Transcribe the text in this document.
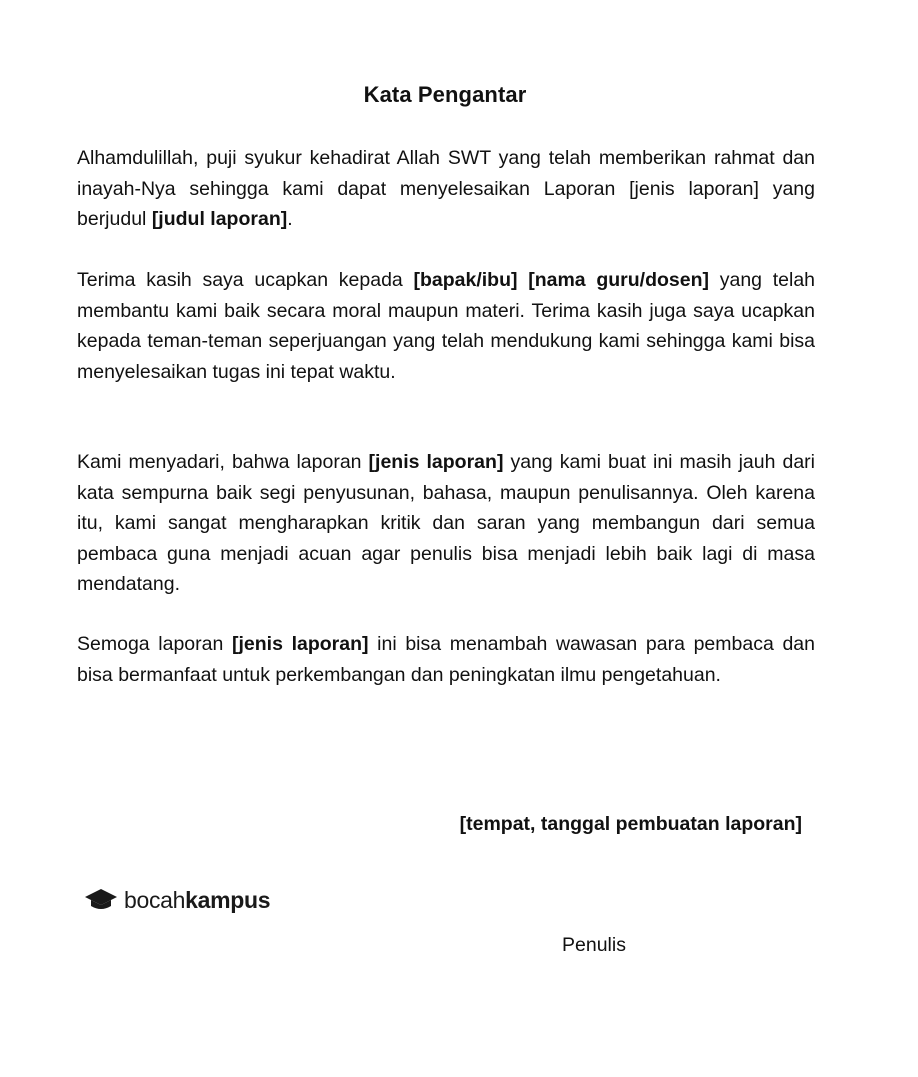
Kata Pengantar

Alhamdulillah, puji syukur kehadirat Allah SWT yang telah memberikan rahmat dan inayah-Nya sehingga kami dapat menyelesaikan Laporan [jenis laporan] yang berjudul [judul laporan].

Terima kasih saya ucapkan kepada [bapak/ibu] [nama guru/dosen] yang telah membantu kami baik secara moral maupun materi. Terima kasih juga saya ucapkan kepada teman-teman seperjuangan yang telah mendukung kami sehingga kami bisa menyelesaikan tugas ini tepat waktu.

Kami menyadari, bahwa laporan [jenis laporan] yang kami buat ini masih jauh dari kata sempurna baik segi penyusunan, bahasa, maupun penulisannya. Oleh karena itu, kami sangat mengharapkan kritik dan saran yang membangun dari semua pembaca guna menjadi acuan agar penulis bisa menjadi lebih baik lagi di masa mendatang.

Semoga laporan [jenis laporan] ini bisa menambah wawasan para pembaca dan bisa bermanfaat untuk perkembangan dan peningkatan ilmu pengetahuan.

[tempat, tanggal pembuatan laporan]
bocahkampus
Penulis
